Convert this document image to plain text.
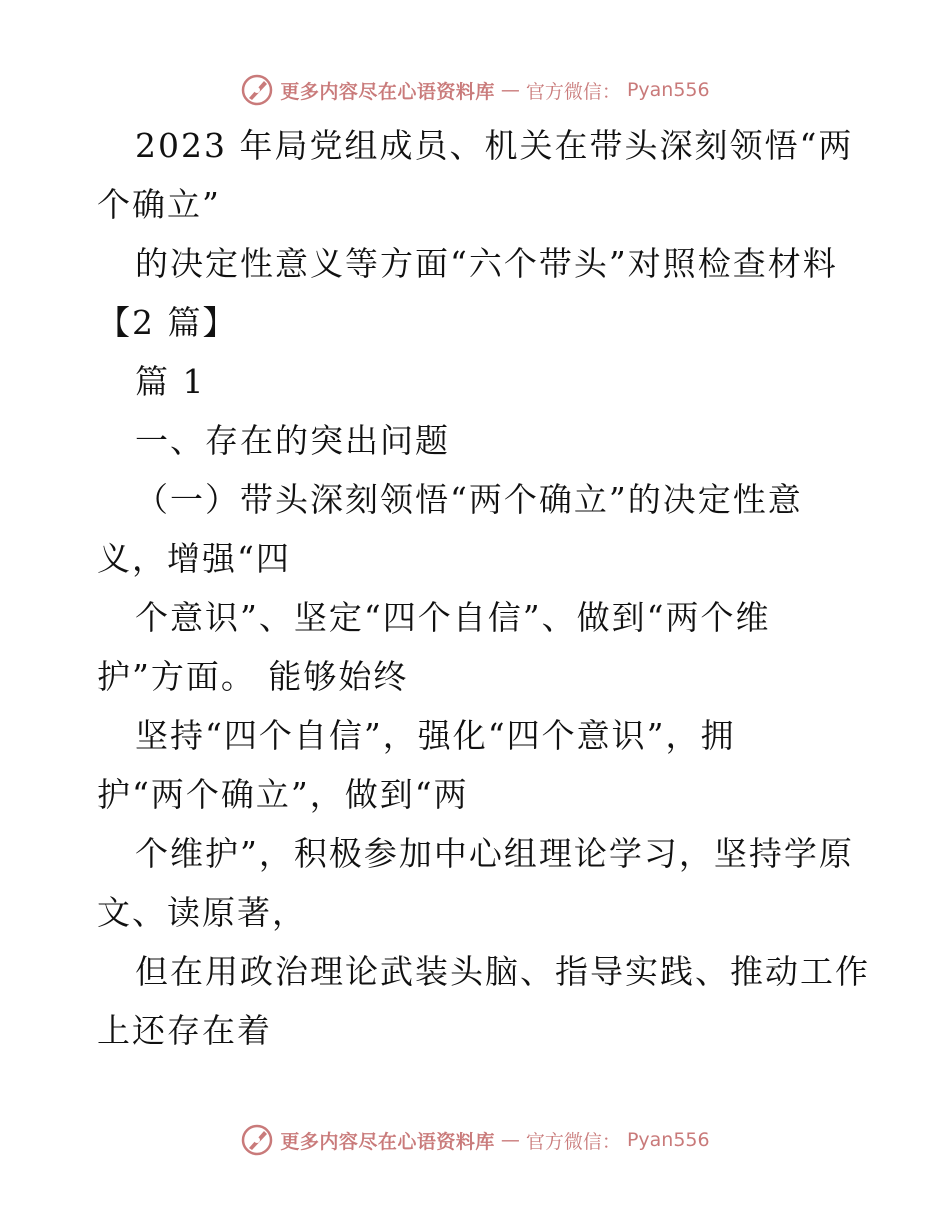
更多内容尽在心语资料库 — 官方微信： Pyan556
2023 年局党组成员、机关在带头深刻领悟“两
个确立”
的决定性意义等方面“六个带头”对照检查材料
【2 篇】
篇 1
一、存在的突出问题
（一）带头深刻领悟“两个确立”的决定性意
义，增强“四
个意识”、坚定“四个自信”、做到“两个维
护”方面。 能够始终
坚持“四个自信”，强化“四个意识”，拥
护“两个确立”，做到“两
个维护”，积极参加中心组理论学习，坚持学原
文、读原著，
但在用政治理论武装头脑、指导实践、推动工作
上还存在着
更多内容尽在心语资料库 — 官方微信： Pyan556
